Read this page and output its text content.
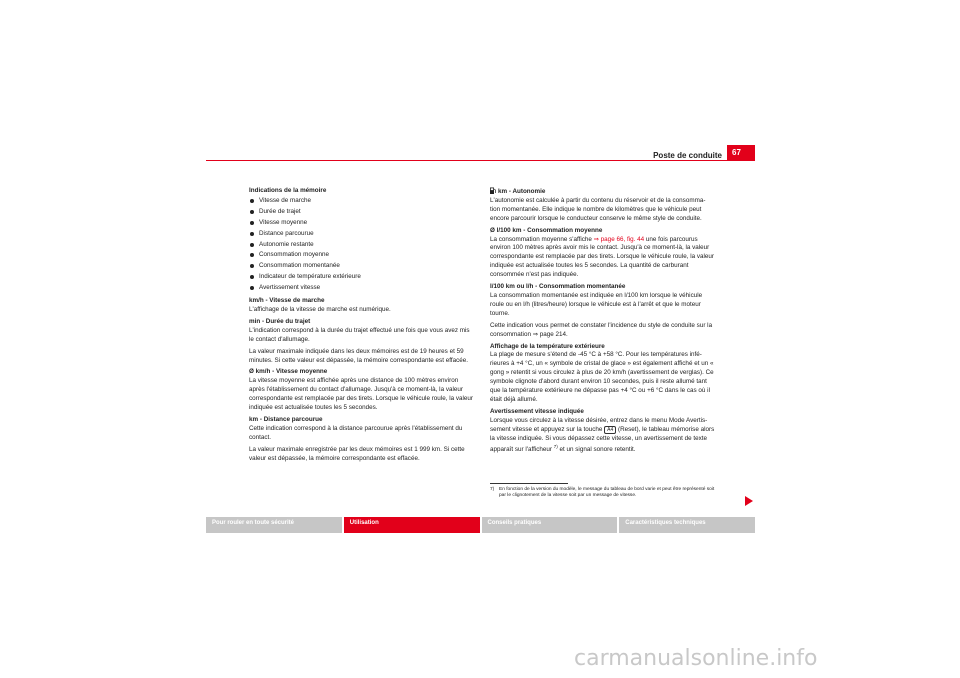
Poste de conduite	67

Indications de la mémoire

Vitesse de marche
Durée de trajet
Vitesse moyenne
Distance parcourue
Autonomie restante
Consommation moyenne
Consommation momentanée
Indicateur de température extérieure
Avertissement vitesse

km/h - Vitesse de marche

L'affichage de la vitesse de marche est numérique.

min - Durée du trajet

L'indication correspond à la durée du trajet effectué une fois que vous avez mis le contact d'allumage.

La valeur maximale indiquée dans les deux mémoires est de 19 heures et 59 minutes. Si cette valeur est dépassée, la mémoire correspondante est effacée.

Ø km/h - Vitesse moyenne

La vitesse moyenne est affichée après une distance de 100 mètres environ après l'établissement du contact d'allumage. Jusqu'à ce moment-là, la valeur correspondante est remplacée par des tirets. Lorsque le véhicule roule, la valeur indiquée est actualisée toutes les 5 secondes.

km - Distance parcourue

Cette indication correspond à la distance parcourue après l'établissement du contact.

La valeur maximale enregistrée par les deux mémoires est 1 999 km. Si cette valeur est dépassée, la mémoire correspondante est effacée.

km - Autonomie

L'autonomie est calculée à partir du contenu du réservoir et de la consomma-tion momentanée. Elle indique le nombre de kilomètres que le véhicule peut encore parcourir lorsque le conducteur conserve le même style de conduite.

Ø l/100 km - Consommation moyenne

La consommation moyenne s'affiche ⇒ page 66, fig. 44 une fois parcourus environ 100 mètres après avoir mis le contact. Jusqu'à ce moment-là, la valeur correspondante est remplacée par des tirets. Lorsque le véhicule roule, la valeur indiquée est actualisée toutes les 5 secondes. La quantité de carburant consommée n'est pas indiquée.

l/100 km ou l/h - Consommation momentanée

La consommation momentanée est indiquée en l/100 km lorsque le véhicule roule ou en l/h (litres/heure) lorsque le véhicule est à l'arrêt et que le moteur tourne.

Cette indication vous permet de constater l'incidence du style de conduite sur la consommation ⇒ page 214.

Affichage de la température extérieure

La plage de mesure s'étend de -45 °C à +58 °C. Pour les températures infé-rieures à +4 °C, un « symbole de cristal de glace » est également affiché et un « gong » retentit si vous circulez à plus de 20 km/h (avertissement de verglas). Ce symbole clignote d'abord durant environ 10 secondes, puis il reste allumé tant que la température extérieure ne dépasse pas +4 °C ou +6 °C dans le cas où il était déjà allumé.

Avertissement vitesse indiquée

Lorsque vous circulez à la vitesse désirée, entrez dans le menu Mode Avertis-sement vitesse et appuyez sur la touche A4 (Reset), le tableau mémorise alors la vitesse indiquée. Si vous dépassez cette vitesse, un avertissement de texte apparaît sur l'afficheur $^{7)}$ et un signal sonore retentit.

7) En fonction de la version du modèle, le message du tableau de bord varie et peut être représenté soit par le clignotement de la vitesse soit par un message de vitesse.
Pour rouler en toute sécurité	Utilisation	Conseils pratiques	Caractéristiques techniques
carmanualsonline.info
